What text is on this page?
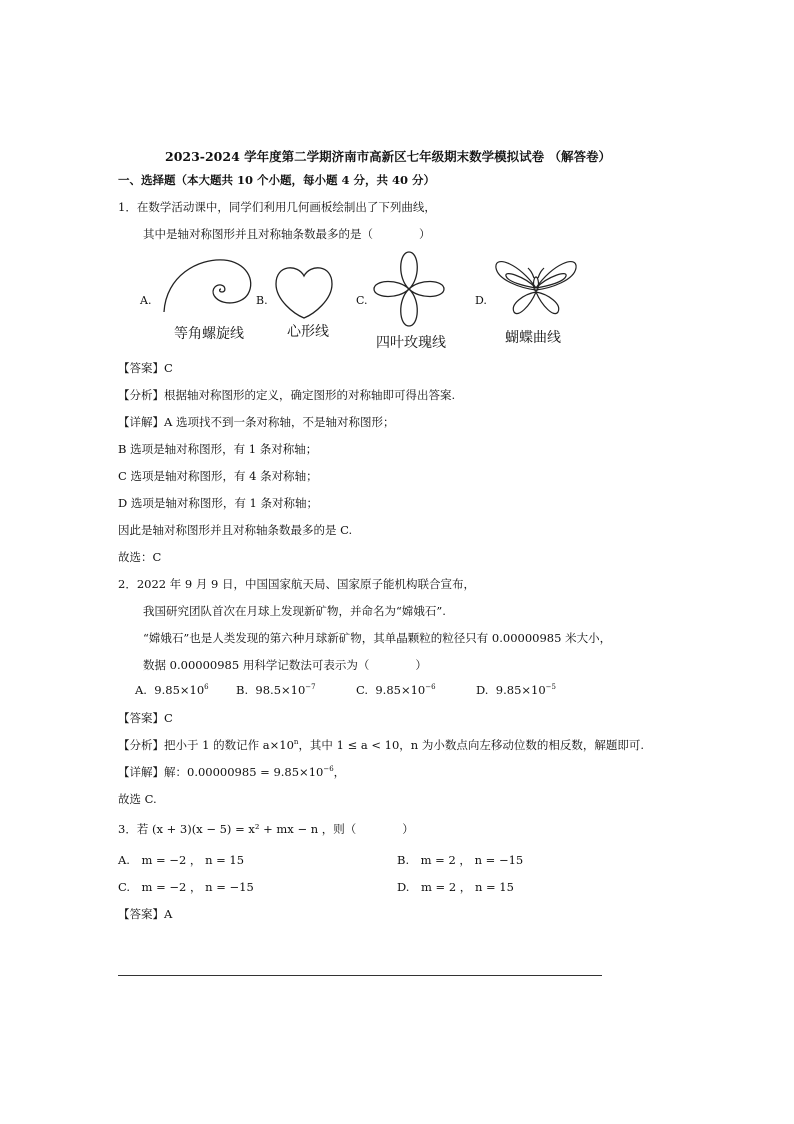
2023-2024 学年度第二学期济南市高新区七年级期末数学模拟试卷 （解答卷）
一、选择题（本大题共 10 个小题，每小题 4 分，共 40 分）
1．在数学活动课中，同学们利用几何画板绘制出了下列曲线，
其中是轴对称图形并且对称轴条数最多的是（　　　　）
A.
等角螺旋线
B.
心形线
C.
四叶玫瑰线
D.
蝴蝶曲线
【答案】C
【分析】根据轴对称图形的定义，确定图形的对称轴即可得出答案.
【详解】A 选项找不到一条对称轴，不是轴对称图形；
B 选项是轴对称图形，有 1 条对称轴；
C 选项是轴对称图形，有 4 条对称轴；
D 选项是轴对称图形，有 1 条对称轴；
因此是轴对称图形并且对称轴条数最多的是 C.
故选：C
2．2022 年 9 月 9 日，中国国家航天局、国家原子能机构联合宣布，
我国研究团队首次在月球上发现新矿物，并命名为“嫦娥石”.
“嫦娥石”也是人类发现的第六种月球新矿物，其单晶颗粒的粒径只有 0.00000985 米大小，
数据 0.00000985 用科学记数法可表示为（　　　　）
A. $9.85\times 10^6$ B. $98.5\times 10^{-7}$	C. $9.85\times 10^{-6}$	D. $9.85\times 10^{-5}$
【答案】C
【分析】把小于 1 的数记作 $a\times 10^n$，其中 1 ≤ a < 10，n 为小数点向左移动位数的相反数，解题即可.
【详解】解：$0.00000985 = 9.85\times 10^{-6}$，
故选 C.
3．若 (x + 3)(x − 5) = x² + mx − n ，则（　　　　）
A.　m = −2 ， n = 15	B.　m = 2 ， n = −15
C.　m = −2 ， n = −15	D.　m = 2 ， n = 15
【答案】A
